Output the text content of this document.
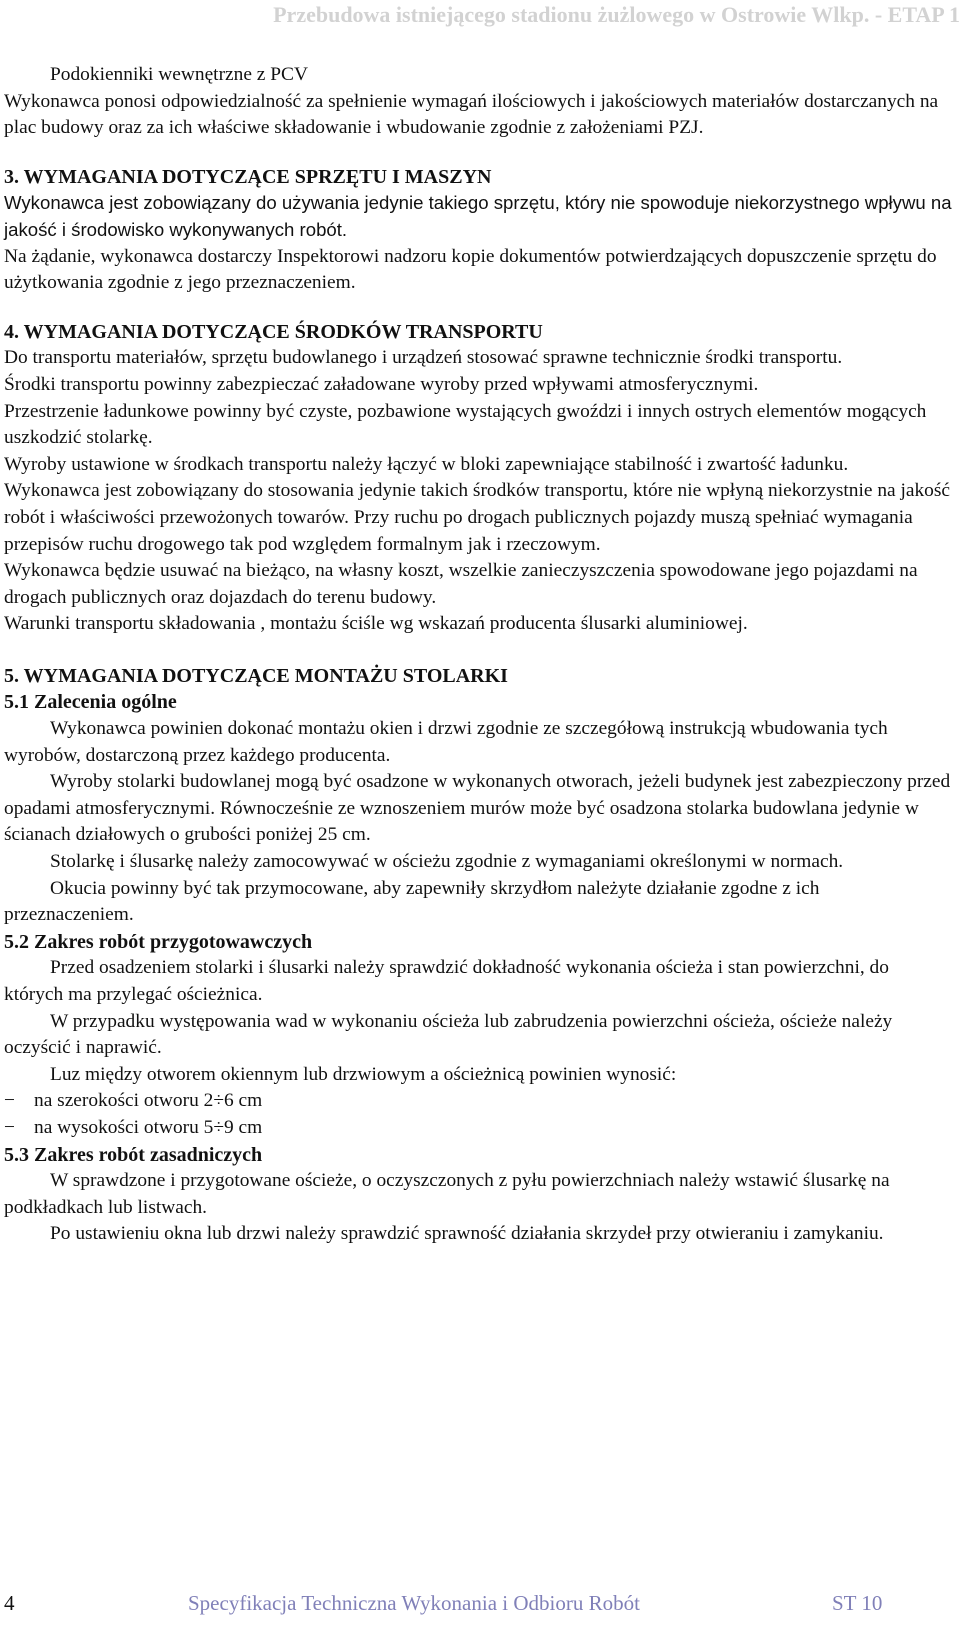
Przebudowa istniejącego stadionu żużlowego w Ostrowie Wlkp. - ETAP 1

Podokienniki wewnętrzne z PCV

Wykonawca ponosi odpowiedzialność za spełnienie wymagań ilościowych i jakościowych materiałów dostarczanych na plac budowy oraz za ich właściwe składowanie i wbudowanie zgodnie z założeniami PZJ.

3. WYMAGANIA DOTYCZĄCE SPRZĘTU I MASZYN

Wykonawca jest zobowiązany do używania jedynie takiego sprzętu, który nie spowoduje niekorzystnego wpływu na jakość i środowisko wykonywanych robót.

Na żądanie, wykonawca dostarczy Inspektorowi nadzoru kopie dokumentów potwierdzających dopuszczenie sprzętu do użytkowania zgodnie z jego przeznaczeniem.

4. WYMAGANIA DOTYCZĄCE ŚRODKÓW TRANSPORTU

Do transportu materiałów, sprzętu budowlanego i urządzeń stosować sprawne technicznie środki transportu.

Środki transportu powinny zabezpieczać załadowane wyroby przed wpływami atmosferycznymi.

Przestrzenie ładunkowe powinny być czyste, pozbawione wystających gwoździ i innych ostrych elementów mogących uszkodzić stolarkę.

Wyroby ustawione w środkach transportu należy łączyć w bloki zapewniające stabilność i zwartość ładunku.

Wykonawca jest zobowiązany do stosowania jedynie takich środków transportu, które nie wpłyną niekorzystnie na jakość robót i właściwości przewożonych towarów. Przy ruchu po drogach publicznych pojazdy muszą spełniać wymagania przepisów ruchu drogowego tak pod względem formalnym jak i rzeczowym.

Wykonawca będzie usuwać na bieżąco, na własny koszt, wszelkie zanieczyszczenia spowodowane jego pojazdami na drogach publicznych oraz dojazdach do terenu budowy.

Warunki transportu składowania , montażu ściśle wg wskazań producenta ślusarki aluminiowej.

5. WYMAGANIA DOTYCZĄCE MONTAŻU STOLARKI

5.1 Zalecenia ogólne

Wykonawca powinien dokonać montażu okien i drzwi zgodnie ze szczegółową instrukcją wbudowania tych wyrobów, dostarczoną przez każdego producenta.

Wyroby stolarki budowlanej mogą być osadzone w wykonanych otworach, jeżeli budynek jest zabezpieczony przed opadami atmosferycznymi. Równocześnie ze wznoszeniem murów może być osadzona stolarka budowlana jedynie w ścianach działowych o grubości poniżej 25 cm.

Stolarkę i ślusarkę należy zamocowywać w ościeżu zgodnie z wymaganiami określonymi w normach.

Okucia powinny być tak przymocowane, aby zapewniły skrzydłom należyte działanie zgodne z ich przeznaczeniem.

5.2 Zakres robót przygotowawczych

Przed osadzeniem stolarki i ślusarki należy sprawdzić dokładność wykonania ościeża i stan powierzchni, do których ma przylegać ościeżnica.

W przypadku występowania wad w wykonaniu ościeża lub zabrudzenia powierzchni ościeża, ościeże należy oczyścić i naprawić.

Luz między otworem okiennym lub drzwiowym a ościeżnicą powinien wynosić:

− na szerokości otworu 2÷6 cm
− na wysokości otworu 5÷9 cm

5.3 Zakres robót zasadniczych

W sprawdzone i przygotowane ościeże, o oczyszczonych z pyłu powierzchniach należy wstawić ślusarkę na podkładkach lub listwach.

Po ustawieniu okna lub drzwi należy sprawdzić sprawność działania skrzydeł przy otwieraniu i zamykaniu.

4	Specyfikacja Techniczna Wykonania i Odbioru Robót	ST 10
